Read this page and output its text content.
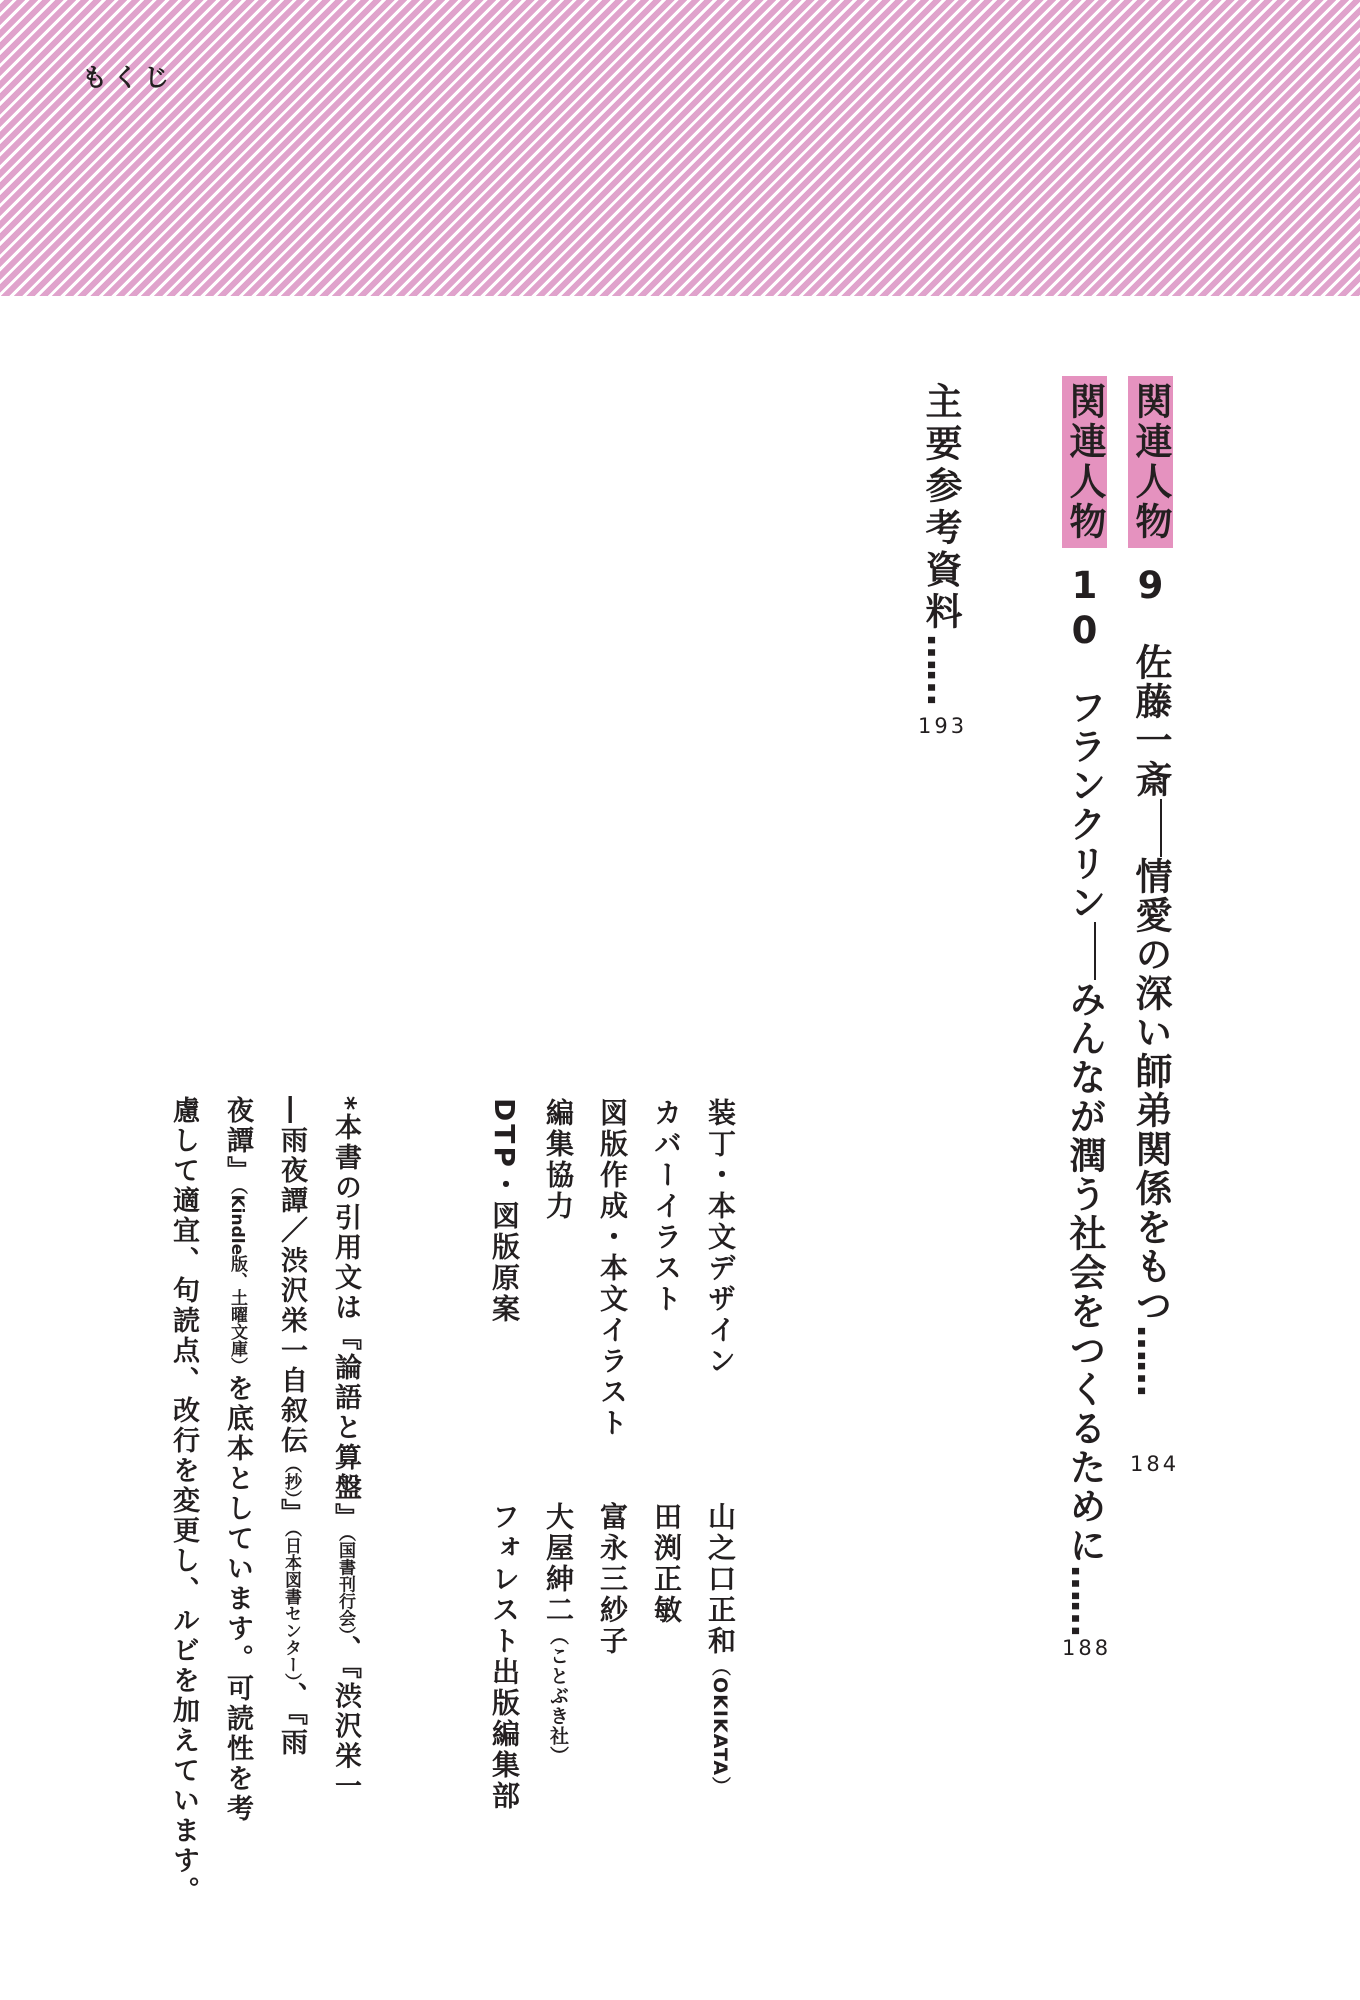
もくじ
関連人物9佐藤一斎情愛の深い師弟関係をもつ……
184
関連人物10フランクリンみんなが潤う社会をつくるために……
188
主要参考資料……
193
装丁・本文デザイン
カバーイラスト
図版作成・本文イラスト
編集協力
DTP・図版原案
山之口正和（OKIKATA）
田渕正敏
富永三紗子
大屋紳二（ことぶき社）
フォレスト出版編集部
*本書の引用文は『論語と算盤』（国書刊行会）、『渋沢栄一
―雨夜譚／渋沢栄一自叙伝（抄）』（日本図書センター）、『雨
夜譚』（Kindle版、土曜文庫）を底本としています。可読性を考
慮して適宜、句読点、改行を変更し、ルビを加えています。
